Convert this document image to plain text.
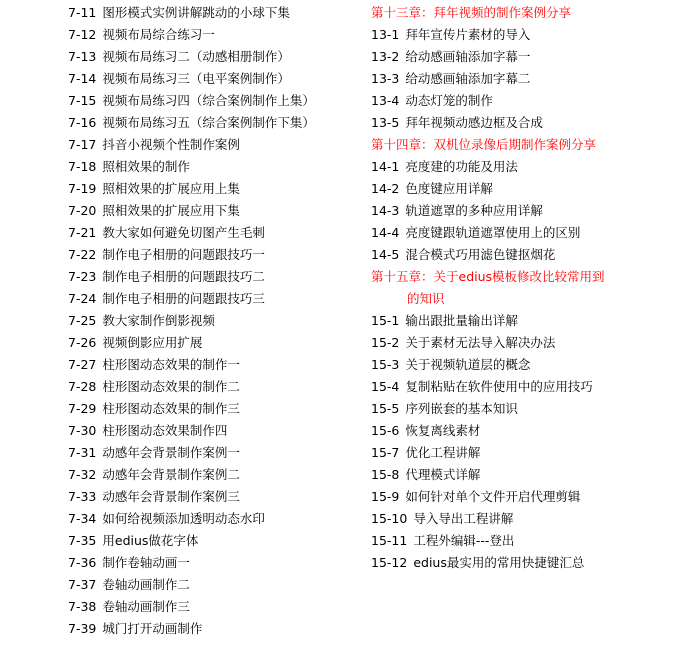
7-11 图形模式实例讲解跳动的小球下集
7-12 视频布局综合练习一
7-13 视频布局练习二（动感相册制作）
7-14 视频布局练习三（电平案例制作）
7-15 视频布局练习四（综合案例制作上集）
7-16 视频布局练习五（综合案例制作下集）
7-17 抖音小视频个性制作案例
7-18 照相效果的制作
7-19 照相效果的扩展应用上集
7-20 照相效果的扩展应用下集
7-21 教大家如何避免切图产生毛刺
7-22 制作电子相册的问题跟技巧一
7-23 制作电子相册的问题跟技巧二
7-24 制作电子相册的问题跟技巧三
7-25 教大家制作倒影视频
7-26 视频倒影应用扩展
7-27 柱形图动态效果的制作一
7-28 柱形图动态效果的制作二
7-29 柱形图动态效果的制作三
7-30 柱形图动态效果制作四
7-31 动感年会背景制作案例一
7-32 动感年会背景制作案例二
7-33 动感年会背景制作案例三
7-34 如何给视频添加透明动态水印
7-35 用edius做花字体
7-36 制作卷轴动画一
7-37 卷轴动画制作二
7-38 卷轴动画制作三
7-39 城门打开动画制作
第十三章：拜年视频的制作案例分享
13-1 拜年宣传片素材的导入
13-2 给动感画轴添加字幕一
13-3 给动感画轴添加字幕二
13-4 动态灯笼的制作
13-5 拜年视频动感边框及合成
第十四章：双机位录像后期制作案例分享
14-1 亮度建的功能及用法
14-2 色度键应用详解
14-3 轨道遮罩的多种应用详解
14-4 亮度键跟轨道遮罩使用上的区别
14-5 混合模式巧用滤色键抠烟花
第十五章：关于edius模板修改比较常用到
的知识
15-1 输出跟批量输出详解
15-2 关于素材无法导入解决办法
15-3 关于视频轨道层的概念
15-4 复制粘贴在软件使用中的应用技巧
15-5 序列嵌套的基本知识
15-6 恢复离线素材
15-7 优化工程讲解
15-8 代理模式详解
15-9 如何针对单个文件开启代理剪辑
15-10 导入导出工程讲解
15-11 工程外编辑---登出
15-12 edius最实用的常用快捷键汇总
